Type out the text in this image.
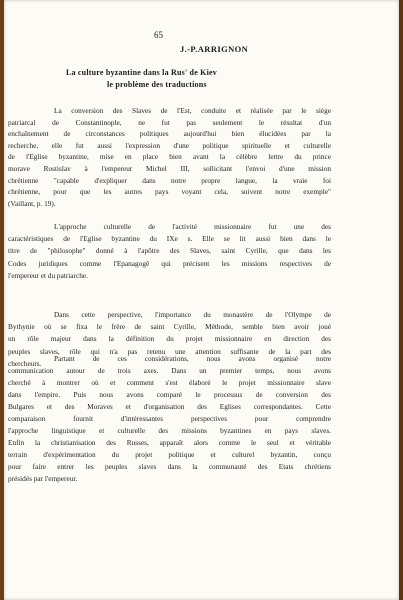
65
J.-P.ARRIGNON
La culture byzantine dans la Rus' de Kiev
le problème des traductions
La conversion des Slaves de l'Est, conduite et réalisée par le siège
patriarcal de Constantinople, ne fut pas seulement le résultat d'un
enchaînement de circonstances politiques aujourd'hui bien élucidées par la
recherche, elle fut aussi l'expression d'une politique spirituelle et culturelle
de l'Eglise byzantine, mise en place bien avant la célèbre lettre du prince
morave Rostislav à l'empereur Michel III, sollicitant l'envoi d'une mission
chrétienne "capable d'expliquer dans notre propre langue, la vraie foi
chrétienne, pour que les autres pays voyant cela, suivent notre exemple"
(Vaillant, p. 19).
L'approche culturelle de l'activité missionnaire fut une des
caractéristiques de l'Eglise byzantine du IXe s. Elle se lit aussi bien dans le
titre de "philosophe" donné à l'apôtre des Slaves, saint Cyrille, que dans les
Codes juridiques comme l'Epanagogê qui précisent les missions respectives de
l'empereur et du patriarche.
Dans cette perspective, l'importance du monastère de l'Olympe de
Bythynie où se fixa le frère de saint Cyrille, Méthode, semble bien avoir joué
un rôle majeur dans la définition du projet missionnaire en direction des
peuples slaves, rôle qui n'a pas retenu une attention suffisante de la part des
chercheurs.
Partant de ces considérations, nous avons organisé notre
communication autour de trois axes. Dans un premier temps, nous avons
cherché à montrer où et comment s'est élaboré le projet missionnaire slave
dans l'empire. Puis nous avons comparé le processus de conversion des
Bulgares et des Moraves et d'organisation des Eglises correspondantes. Cette
comparaison fournit d'intéressantes perspectives pour comprendre
l'approche linguistique et culturelle des missions byzantines en pays slaves.
Enfin la christianisation des Russes, apparaît alors comme le seul et véritable
terrain d'expérimentation du projet politique et culturel byzantin, conçu
pour faire entrer les peuples slaves dans la communauté des Etats chrétiens
présidés par l'empereur.
